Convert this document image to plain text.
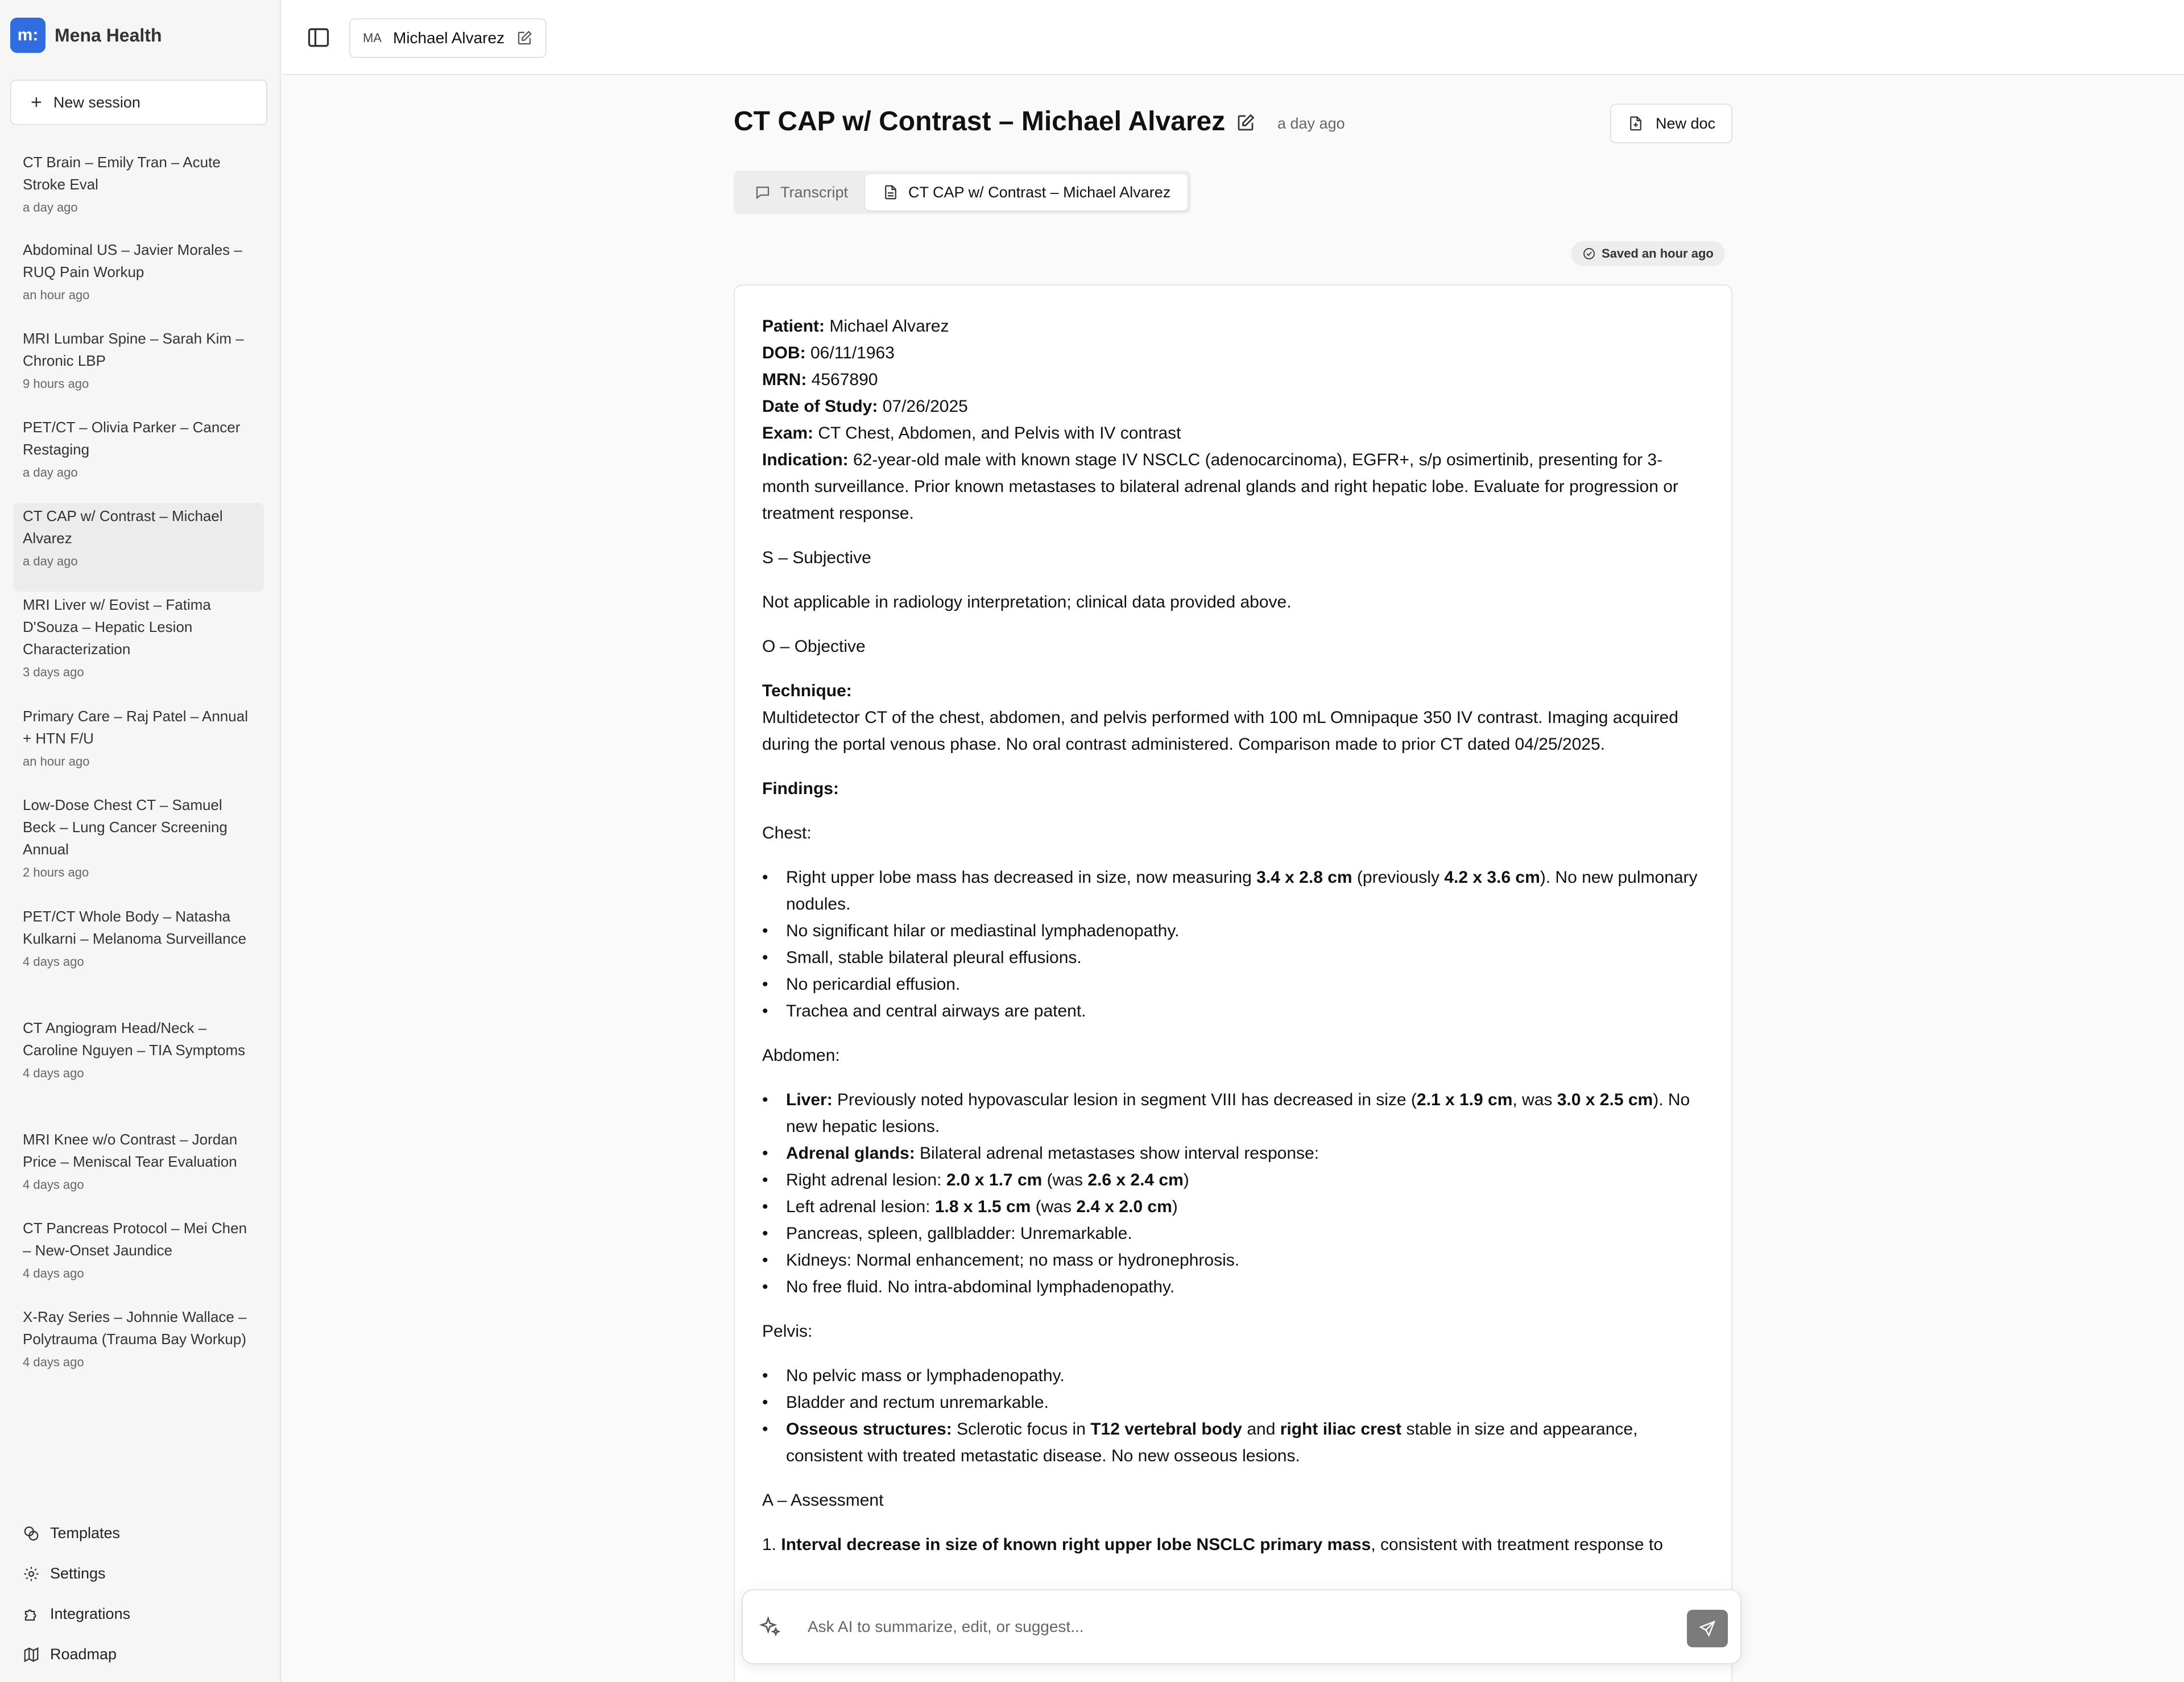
m: Mena Health
+ New session
CT Brain – Emily Tran – Acute Stroke Eval
a day ago
Abdominal US – Javier Morales – RUQ Pain Workup
an hour ago
MRI Lumbar Spine – Sarah Kim – Chronic LBP
9 hours ago
PET/CT – Olivia Parker – Cancer Restaging
a day ago
CT CAP w/ Contrast – Michael Alvarez
a day ago
MRI Liver w/ Eovist – Fatima D'Souza – Hepatic Lesion Characterization
3 days ago
Primary Care – Raj Patel – Annual + HTN F/U
an hour ago
Low-Dose Chest CT – Samuel Beck – Lung Cancer Screening Annual
2 hours ago
PET/CT Whole Body – Natasha Kulkarni – Melanoma Surveillance
4 days ago
CT Angiogram Head/Neck – Caroline Nguyen – TIA Symptoms
4 days ago
MRI Knee w/o Contrast – Jordan Price – Meniscal Tear Evaluation
4 days ago
CT Pancreas Protocol – Mei Chen – New-Onset Jaundice
4 days ago
X-Ray Series – Johnnie Wallace – Polytrauma (Trauma Bay Workup)
4 days ago
Templates
Settings
Integrations
Roadmap
MA Michael Alvarez
CT CAP w/ Contrast – Michael Alvarez	a day ago	New doc
Transcript	CT CAP w/ Contrast – Michael Alvarez
Saved an hour ago

Patient: Michael Alvarez

DOB: 06/11/1963

MRN: 4567890

Date of Study: 07/26/2025

Exam: CT Chest, Abdomen, and Pelvis with IV contrast

Indication: 62-year-old male with known stage IV NSCLC (adenocarcinoma), EGFR+, s/p osimertinib, presenting for 3-month surveillance. Prior known metastases to bilateral adrenal glands and right hepatic lobe. Evaluate for progression or treatment response.

S – Subjective

Not applicable in radiology interpretation; clinical data provided above.

O – Objective

Technique:

Multidetector CT of the chest, abdomen, and pelvis performed with 100 mL Omnipaque 350 IV contrast. Imaging acquired during the portal venous phase. No oral contrast administered. Comparison made to prior CT dated 04/25/2025.

Findings:

Chest:

• Right upper lobe mass has decreased in size, now measuring 3.4 x 2.8 cm (previously 4.2 x 3.6 cm). No new pulmonary nodules.
• No significant hilar or mediastinal lymphadenopathy.
• Small, stable bilateral pleural effusions.
• No pericardial effusion.
• Trachea and central airways are patent.

Abdomen:

• Liver: Previously noted hypovascular lesion in segment VIII has decreased in size (2.1 x 1.9 cm, was 3.0 x 2.5 cm). No new hepatic lesions.
• Adrenal glands: Bilateral adrenal metastases show interval response:
• Right adrenal lesion: 2.0 x 1.7 cm (was 2.6 x 2.4 cm)
• Left adrenal lesion: 1.8 x 1.5 cm (was 2.4 x 2.0 cm)
• Pancreas, spleen, gallbladder: Unremarkable.
• Kidneys: Normal enhancement; no mass or hydronephrosis.
• No free fluid. No intra-abdominal lymphadenopathy.

Pelvis:

• No pelvic mass or lymphadenopathy.
• Bladder and rectum unremarkable.
• Osseous structures: Sclerotic focus in T12 vertebral body and right iliac crest stable in size and appearance, consistent with treated metastatic disease. No new osseous lesions.

A – Assessment

1. Interval decrease in size of known right upper lobe NSCLC primary mass, consistent with treatment response to

Ask AI to summarize, edit, or suggest...
